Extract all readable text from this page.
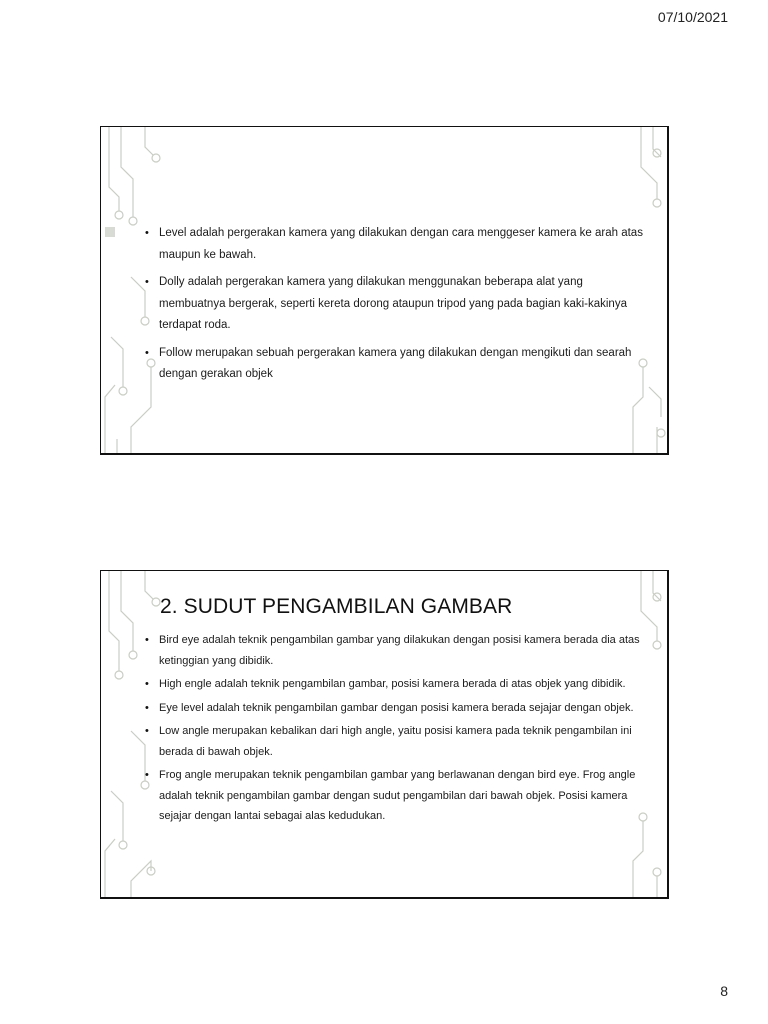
07/10/2021
• Level adalah pergerakan kamera yang dilakukan dengan cara menggeser kamera ke arah atas maupun ke bawah.
• Dolly adalah pergerakan kamera yang dilakukan menggunakan beberapa alat yang membuatnya bergerak, seperti kereta dorong ataupun tripod yang pada bagian kaki-kakinya terdapat roda.
• Follow merupakan sebuah pergerakan kamera yang dilakukan dengan mengikuti dan searah dengan gerakan objek
2. SUDUT PENGAMBILAN GAMBAR
• Bird eye adalah teknik pengambilan gambar yang dilakukan dengan posisi kamera berada dia atas ketinggian yang dibidik.
• High engle adalah teknik pengambilan gambar, posisi kamera berada di atas objek yang dibidik.
• Eye level adalah teknik pengambilan gambar dengan posisi kamera berada sejajar dengan objek.
• Low angle merupakan kebalikan dari high angle, yaitu posisi kamera pada teknik pengambilan ini berada di bawah objek.
• Frog angle merupakan teknik pengambilan gambar yang berlawanan dengan bird eye. Frog angle adalah teknik pengambilan gambar dengan sudut pengambilan dari bawah objek. Posisi kamera sejajar dengan lantai sebagai alas kedudukan.
8
